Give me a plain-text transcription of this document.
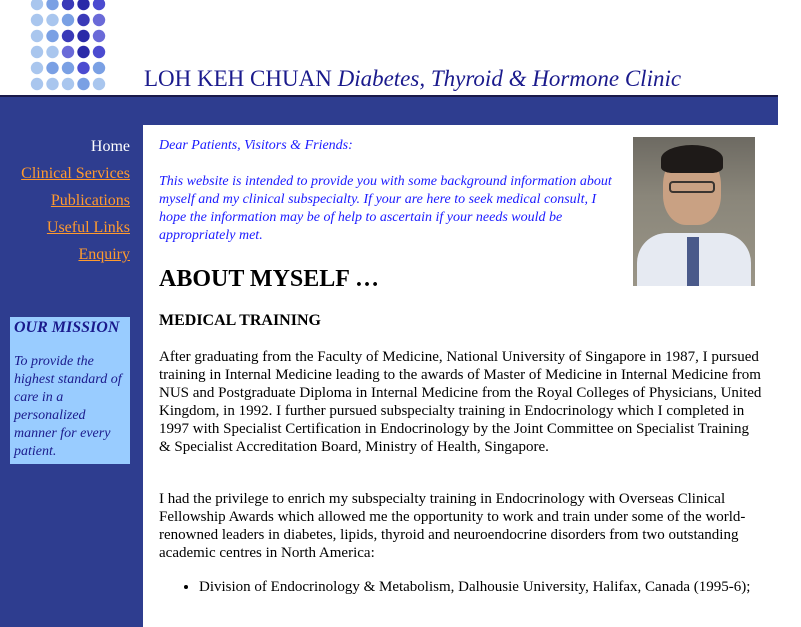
LOH KEH CHUAN Diabetes, Thyroid & Hormone Clinic
Home
Clinical Services
Publications
Useful Links
Enquiry

OUR MISSION

To provide the highest standard of care in a personalized manner for every patient.

Dear Patients, Visitors & Friends:

This website is intended to provide you with some background information about myself and my clinical subspecialty. If your are here to seek medical consult, I hope the information may be of help to ascertain if your needs would be appropriately met.

ABOUT MYSELF …
MEDICAL TRAINING

After graduating from the Faculty of Medicine, National University of Singapore in 1987, I pursued training in Internal Medicine leading to the awards of Master of Medicine in Internal Medicine from NUS and Postgraduate Diploma in Internal Medicine from the Royal Colleges of Physicians, United Kingdom, in 1992. I further pursued subspecialty training in Endocrinology which I completed in 1997 with Specialist Certification in Endocrinology by the Joint Committee on Specialist Training & Specialist Accreditation Board, Ministry of Health, Singapore.

I had the privilege to enrich my subspecialty training in Endocrinology with Overseas Clinical Fellowship Awards which allowed me the opportunity to work and train under some of the world-renowned leaders in diabetes, lipids, thyroid and neuroendocrine disorders from two outstanding academic centres in North America:

• Division of Endocrinology & Metabolism, Dalhousie University, Halifax, Canada (1995-6);
